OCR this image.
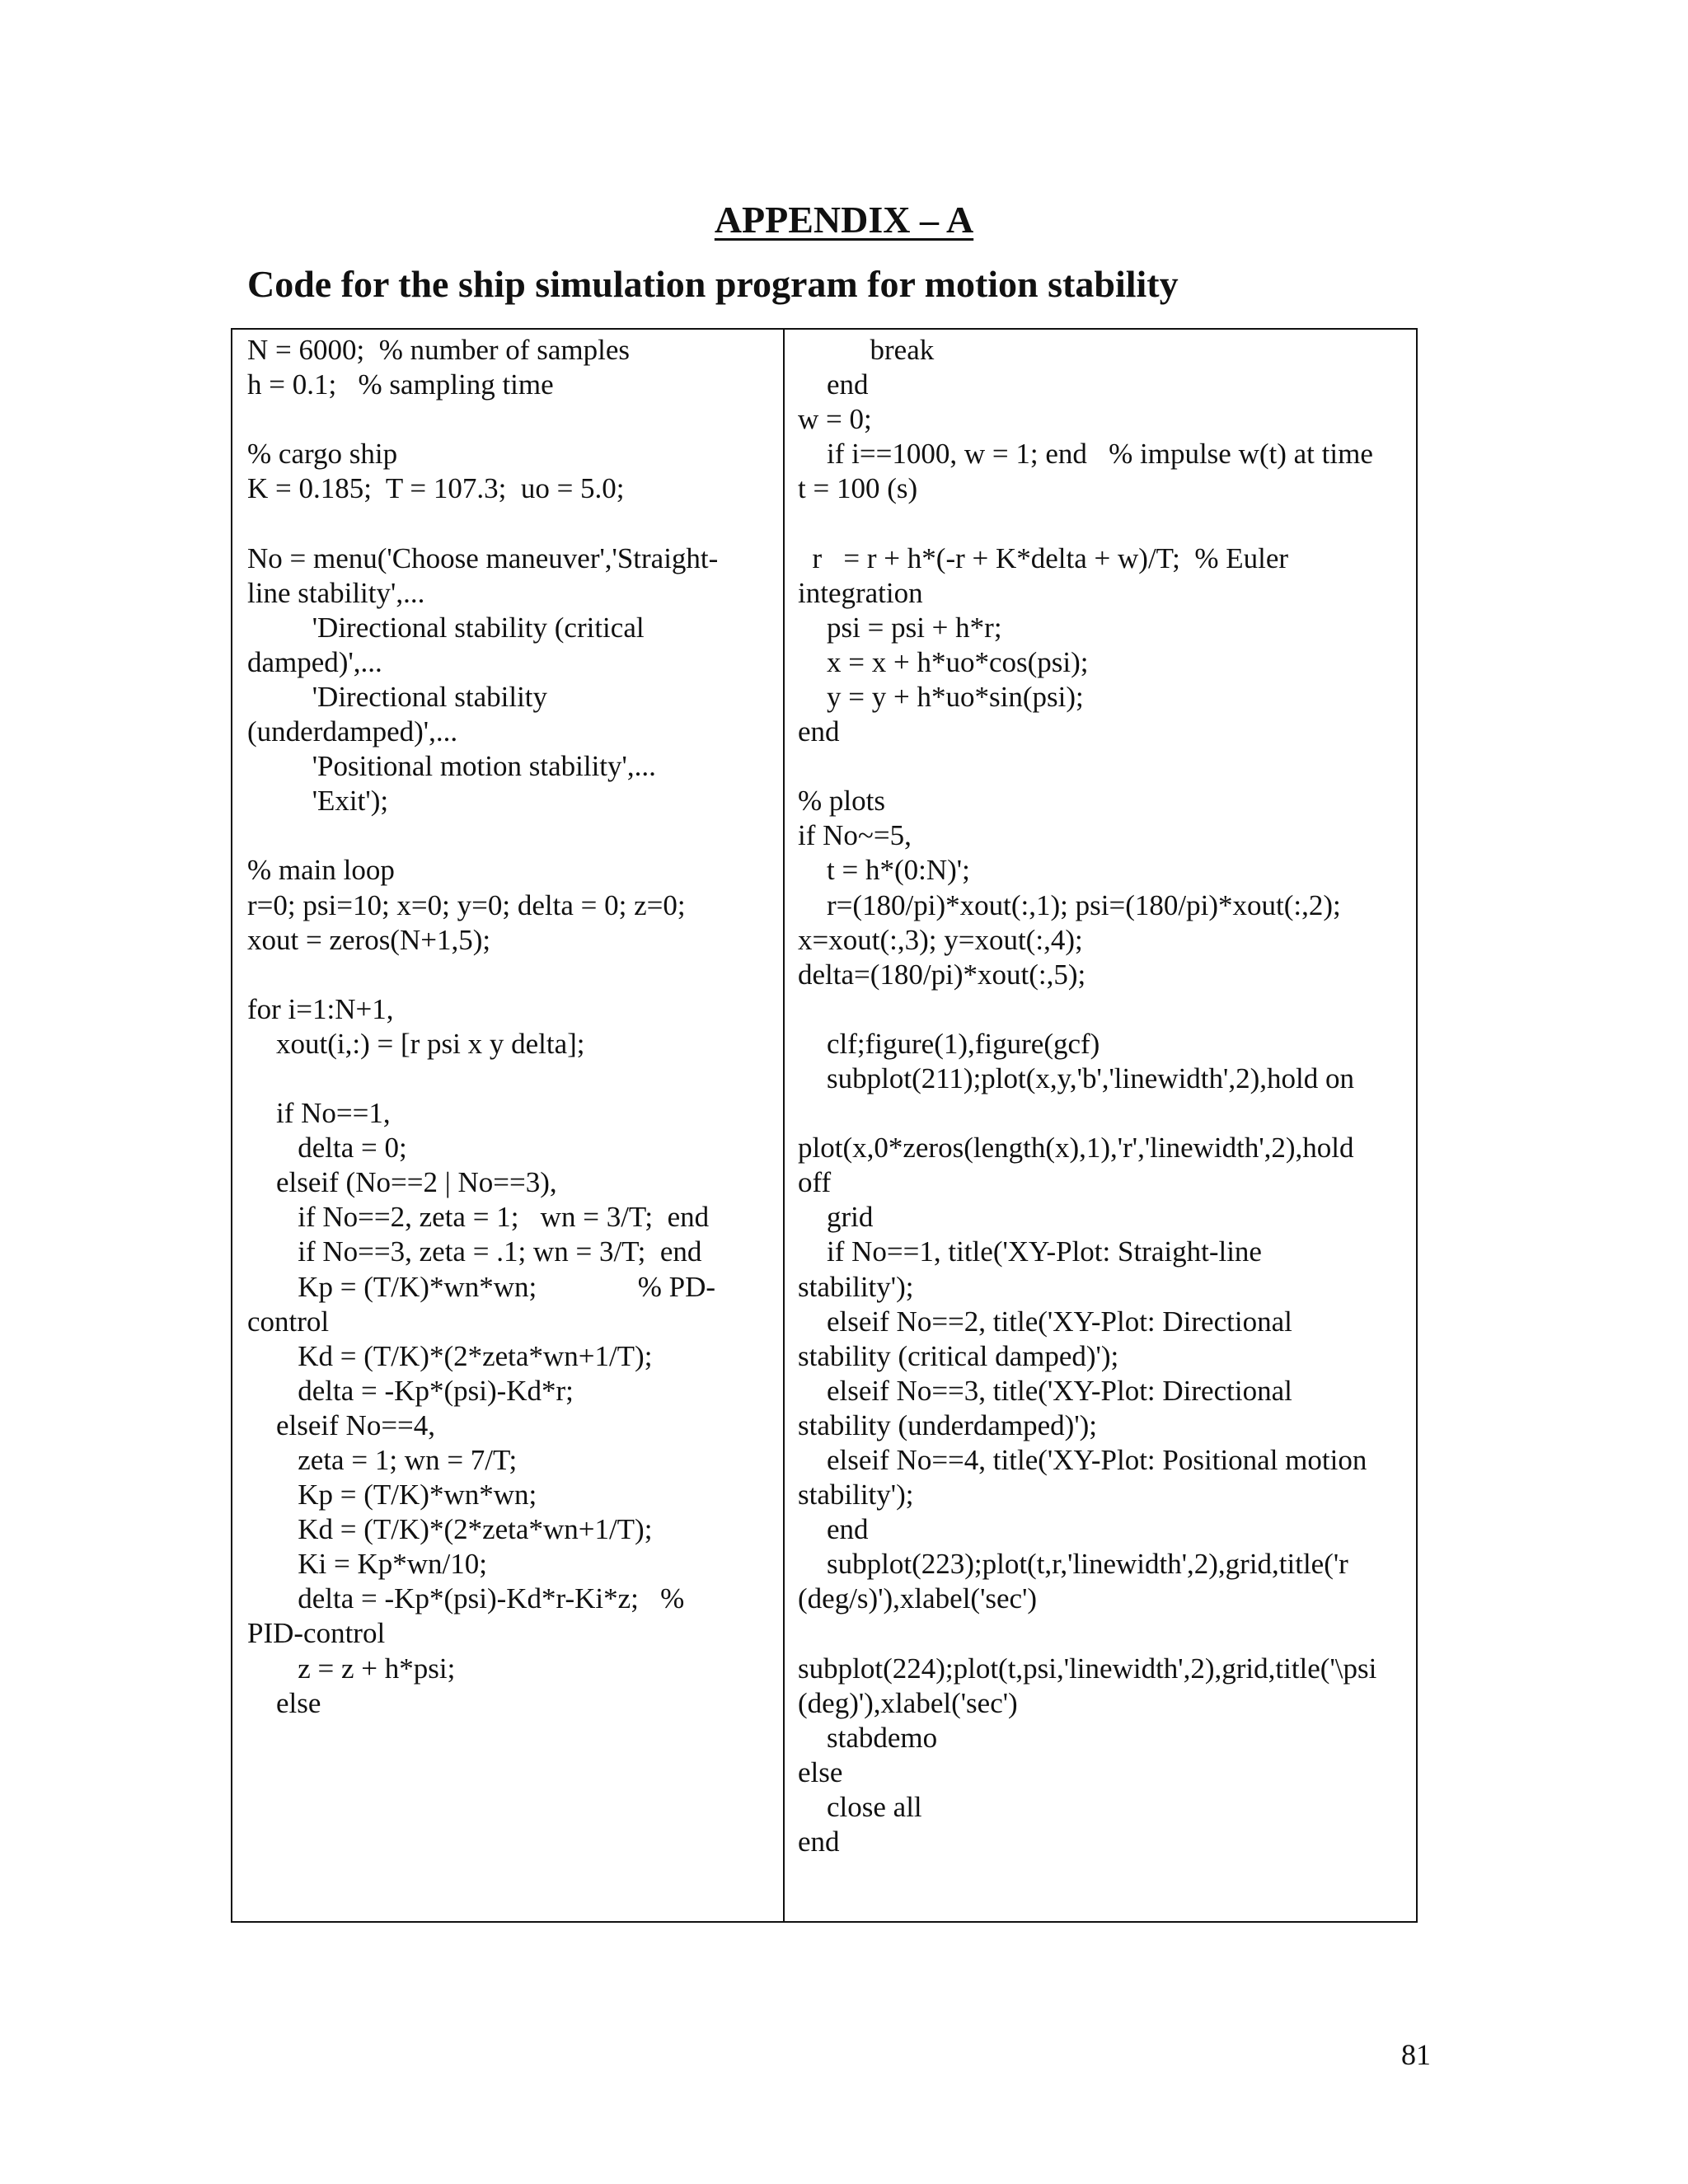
APPENDIX – A
Code for the ship simulation program for motion stability
N = 6000;  % number of samples
h = 0.1;   % sampling time
% cargo ship
K = 0.185;  T = 107.3;  uo = 5.0;
No = menu('Choose maneuver','Straight-
line stability',...
'Directional stability (critical
damped)',...
'Directional stability
(underdamped)',...
'Positional motion stability',...
'Exit');
% main loop
r=0; psi=10; x=0; y=0; delta = 0; z=0;
xout = zeros(N+1,5);
for i=1:N+1,
xout(i,:) = [r psi x y delta];
if No==1,
delta = 0;
elseif (No==2 | No==3),
if No==2, zeta = 1;   wn = 3/T;  end
if No==3, zeta = .1; wn = 3/T;  end
Kp = (T/K)*wn*wn;              % PD-
control
Kd = (T/K)*(2*zeta*wn+1/T);
delta = -Kp*(psi)-Kd*r;
elseif No==4,
zeta = 1; wn = 7/T;
Kp = (T/K)*wn*wn;
Kd = (T/K)*(2*zeta*wn+1/T);
Ki = Kp*wn/10;
delta = -Kp*(psi)-Kd*r-Ki*z;   %
PID-control
z = z + h*psi;
else
break
end
w = 0;
if i==1000, w = 1; end   % impulse w(t) at time
t = 100 (s)
r   = r + h*(-r + K*delta + w)/T;  % Euler
integration
psi = psi + h*r;
x = x + h*uo*cos(psi);
y = y + h*uo*sin(psi);
end
% plots
if No~=5,
t = h*(0:N)';
r=(180/pi)*xout(:,1); psi=(180/pi)*xout(:,2);
x=xout(:,3); y=xout(:,4);
delta=(180/pi)*xout(:,5);
clf;figure(1),figure(gcf)
subplot(211);plot(x,y,'b','linewidth',2),hold on
plot(x,0*zeros(length(x),1),'r','linewidth',2),hold
off
grid
if No==1, title('XY-Plot: Straight-line
stability');
elseif No==2, title('XY-Plot: Directional
stability (critical damped)');
elseif No==3, title('XY-Plot: Directional
stability (underdamped)');
elseif No==4, title('XY-Plot: Positional motion
stability');
end
subplot(223);plot(t,r,'linewidth',2),grid,title('r
(deg/s)'),xlabel('sec')
subplot(224);plot(t,psi,'linewidth',2),grid,title('\psi
(deg)'),xlabel('sec')
stabdemo
else
close all
end
81
